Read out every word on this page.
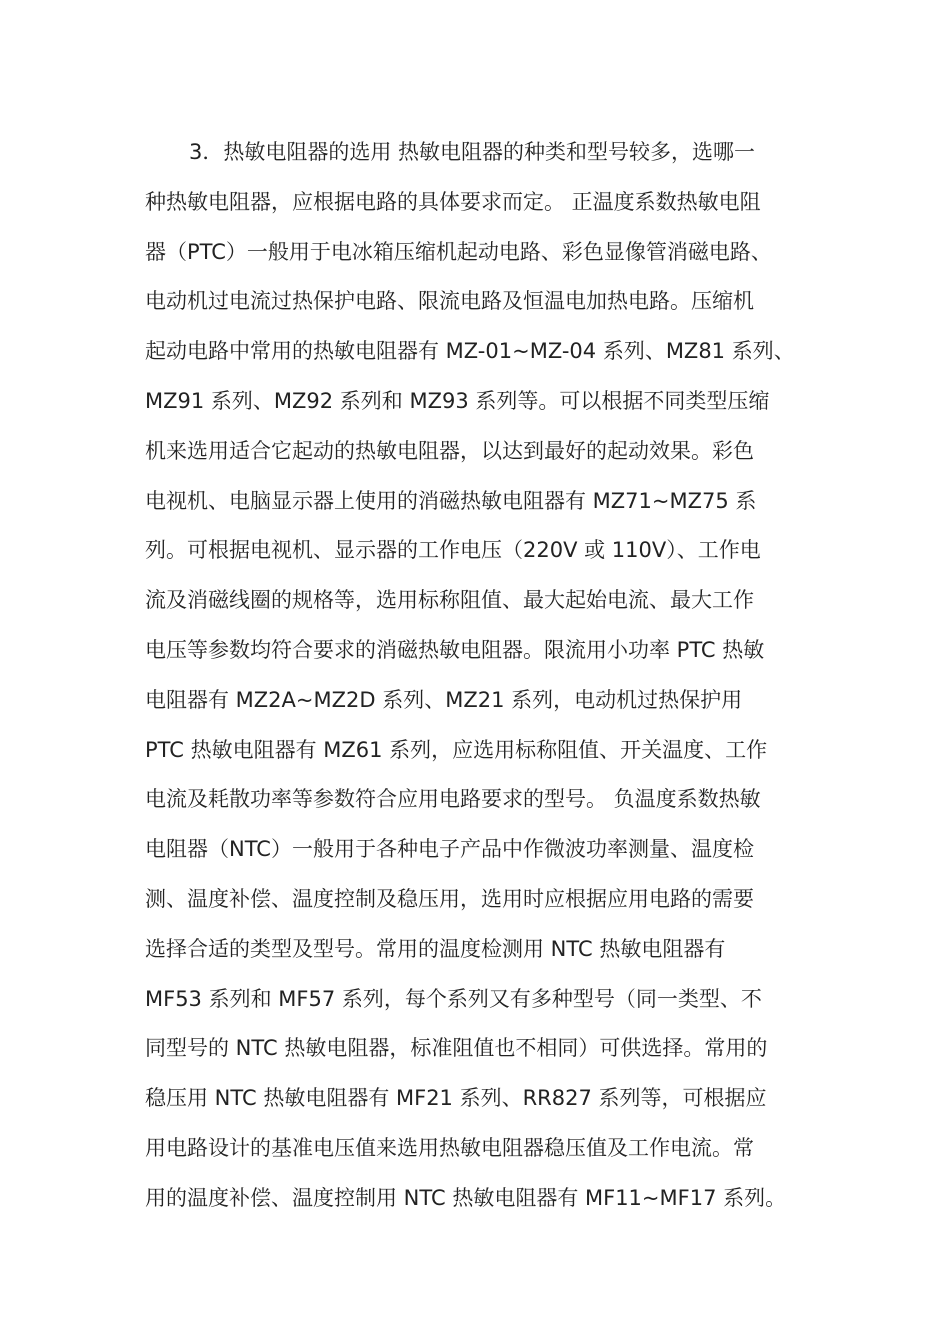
3．热敏电阻器的选用 热敏电阻器的种类和型号较多，选哪一
种热敏电阻器，应根据电路的具体要求而定。 正温度系数热敏电阻
器（PTC）一般用于电冰箱压缩机起动电路、彩色显像管消磁电路、
电动机过电流过热保护电路、限流电路及恒温电加热电路。压缩机
起动电路中常用的热敏电阻器有 MZ-01~MZ-04 系列、MZ81 系列、
MZ91 系列、MZ92 系列和 MZ93 系列等。可以根据不同类型压缩
机来选用适合它起动的热敏电阻器，以达到最好的起动效果。彩色
电视机、电脑显示器上使用的消磁热敏电阻器有 MZ71~MZ75 系
列。可根据电视机、显示器的工作电压（220V 或 110V）、工作电
流及消磁线圈的规格等，选用标称阻值、最大起始电流、最大工作
电压等参数均符合要求的消磁热敏电阻器。限流用小功率 PTC 热敏
电阻器有 MZ2A~MZ2D 系列、MZ21 系列，电动机过热保护用
PTC 热敏电阻器有 MZ61 系列，应选用标称阻值、开关温度、工作
电流及耗散功率等参数符合应用电路要求的型号。 负温度系数热敏
电阻器（NTC）一般用于各种电子产品中作微波功率测量、温度检
测、温度补偿、温度控制及稳压用，选用时应根据应用电路的需要
选择合适的类型及型号。常用的温度检测用 NTC 热敏电阻器有
MF53 系列和 MF57 系列，每个系列又有多种型号（同一类型、不
同型号的 NTC 热敏电阻器，标准阻值也不相同）可供选择。常用的
稳压用 NTC 热敏电阻器有 MF21 系列、RR827 系列等，可根据应
用电路设计的基准电压值来选用热敏电阻器稳压值及工作电流。常
用的温度补偿、温度控制用 NTC 热敏电阻器有 MF11~MF17 系列。
